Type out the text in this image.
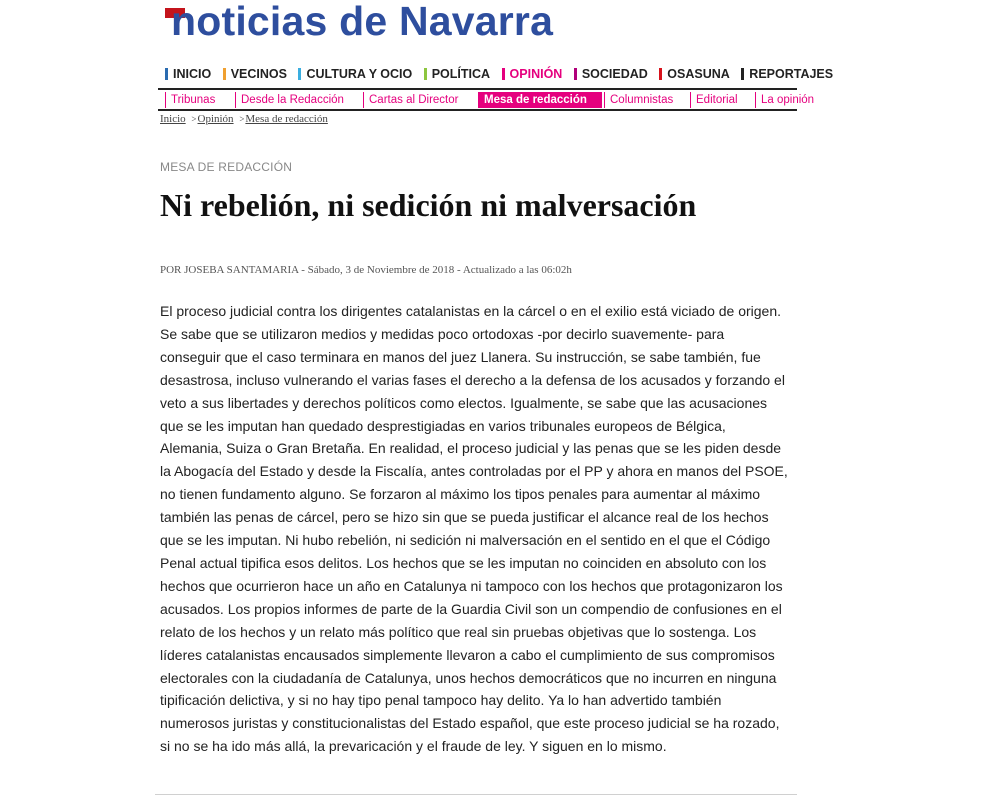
noticias de Navarra
INICIO
VECINOS
CULTURA Y OCIO
POLÍTICA
OPINIÓN
SOCIEDAD
OSASUNA
REPORTAJES
Tribunas	Desde la Redacción	Cartas al Director	Mesa de redacción	Columnistas	Editorial	La opinión
Inicio >Opinión >Mesa de redacción
MESA DE REDACCIÓN
Ni rebelión, ni sedición ni malversación
POR JOSEBA SANTAMARIA - Sábado, 3 de Noviembre de 2018 - Actualizado a las 06:02h

El proceso judicial contra los dirigentes catalanistas en la cárcel o en el exilio está viciado de origen. Se sabe que se utilizaron medios y medidas poco ortodoxas -por decirlo suavemente- para conseguir que el caso terminara en manos del juez Llanera. Su instrucción, se sabe también, fue desastrosa, incluso vulnerando el varias fases el derecho a la defensa de los acusados y forzando el veto a sus libertades y derechos políticos como electos. Igualmente, se sabe que las acusaciones que se les imputan han quedado desprestigiadas en varios tribunales europeos de Bélgica, Alemania, Suiza o Gran Bretaña. En realidad, el proceso judicial y las penas que se les piden desde la Abogacía del Estado y desde la Fiscalía, antes controladas por el PP y ahora en manos del PSOE, no tienen fundamento alguno. Se forzaron al máximo los tipos penales para aumentar al máximo también las penas de cárcel, pero se hizo sin que se pueda justificar el alcance real de los hechos que se les imputan. Ni hubo rebelión, ni sedición ni malversación en el sentido en el que el Código Penal actual tipifica esos delitos. Los hechos que se les imputan no coinciden en absoluto con los hechos que ocurrieron hace un año en Catalunya ni tampoco con los hechos que protagonizaron los acusados. Los propios informes de parte de la Guardia Civil son un compendio de confusiones en el relato de los hechos y un relato más político que real sin pruebas objetivas que lo sostenga. Los líderes catalanistas encausados simplemente llevaron a cabo el cumplimiento de sus compromisos electorales con la ciudadanía de Catalunya, unos hechos democráticos que no incurren en ninguna tipificación delictiva, y si no hay tipo penal tampoco hay delito. Ya lo han advertido también numerosos juristas y constitucionalistas del Estado español, que este proceso judicial se ha rozado, si no se ha ido más allá, la prevaricación y el fraude de ley. Y siguen en lo mismo.
